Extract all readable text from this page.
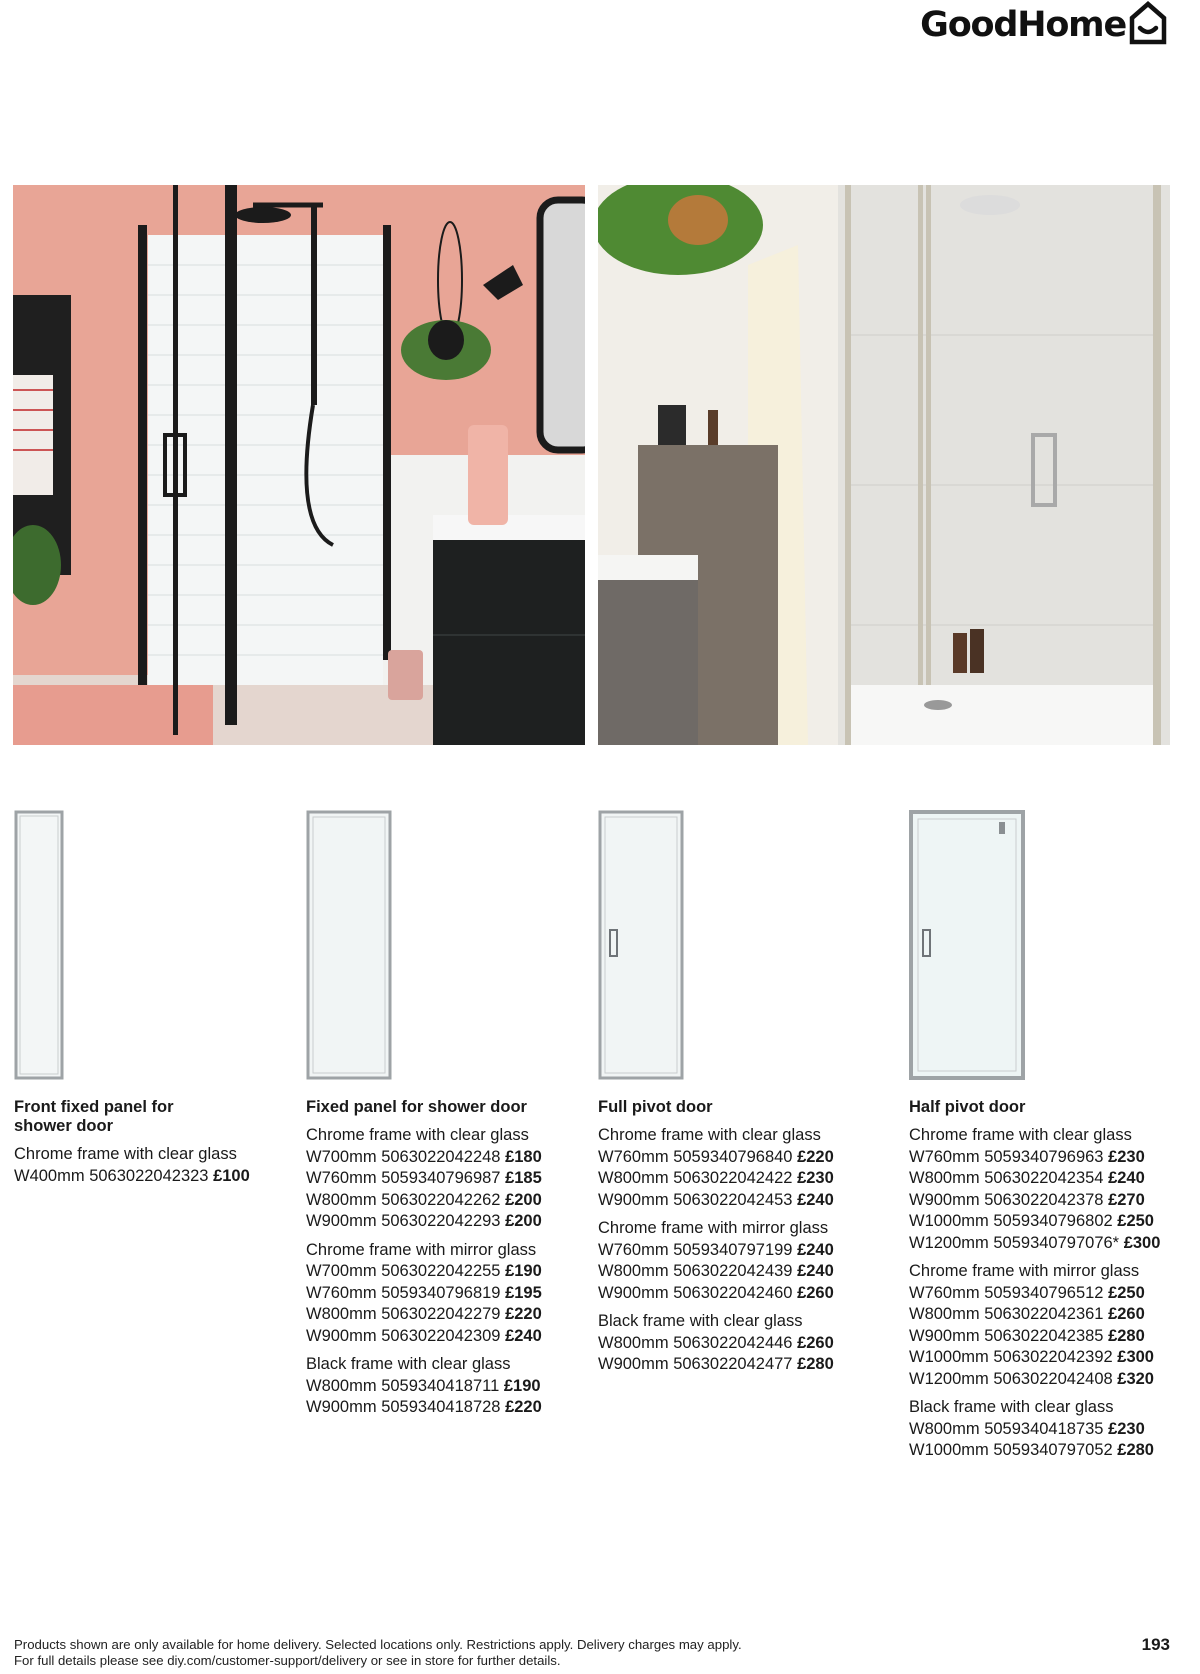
GoodHome
Front fixed panel for shower door
Chrome frame with clear glass
W400mm 5063022042323 £100
Fixed panel for shower door
Chrome frame with clear glass
W700mm 5063022042248 £180
W760mm 5059340796987 £185
W800mm 5063022042262 £200
W900mm 5063022042293 £200
Chrome frame with mirror glass
W700mm 5063022042255 £190
W760mm 5059340796819 £195
W800mm 5063022042279 £220
W900mm 5063022042309 £240
Black frame with clear glass
W800mm 5059340418711 £190
W900mm 5059340418728 £220
Full pivot door
Chrome frame with clear glass
W760mm 5059340796840 £220
W800mm 5063022042422 £230
W900mm 5063022042453 £240
Chrome frame with mirror glass
W760mm 5059340797199 £240
W800mm 5063022042439 £240
W900mm 5063022042460 £260
Black frame with clear glass
W800mm 5063022042446 £260
W900mm 5063022042477 £280
Half pivot door
Chrome frame with clear glass
W760mm 5059340796963 £230
W800mm 5063022042354 £240
W900mm 5063022042378 £270
W1000mm 5059340796802 £250
W1200mm 5059340797076* £300
Chrome frame with mirror glass
W760mm 5059340796512 £250
W800mm 5063022042361 £260
W900mm 5063022042385 £280
W1000mm 5063022042392 £300
W1200mm 5063022042408 £320
Black frame with clear glass
W800mm 5059340418735 £230
W1000mm 5059340797052 £280
Products shown are only available for home delivery. Selected locations only. Restrictions apply. Delivery charges may apply.
For full details please see diy.com/customer-support/delivery or see in store for further details.
193
